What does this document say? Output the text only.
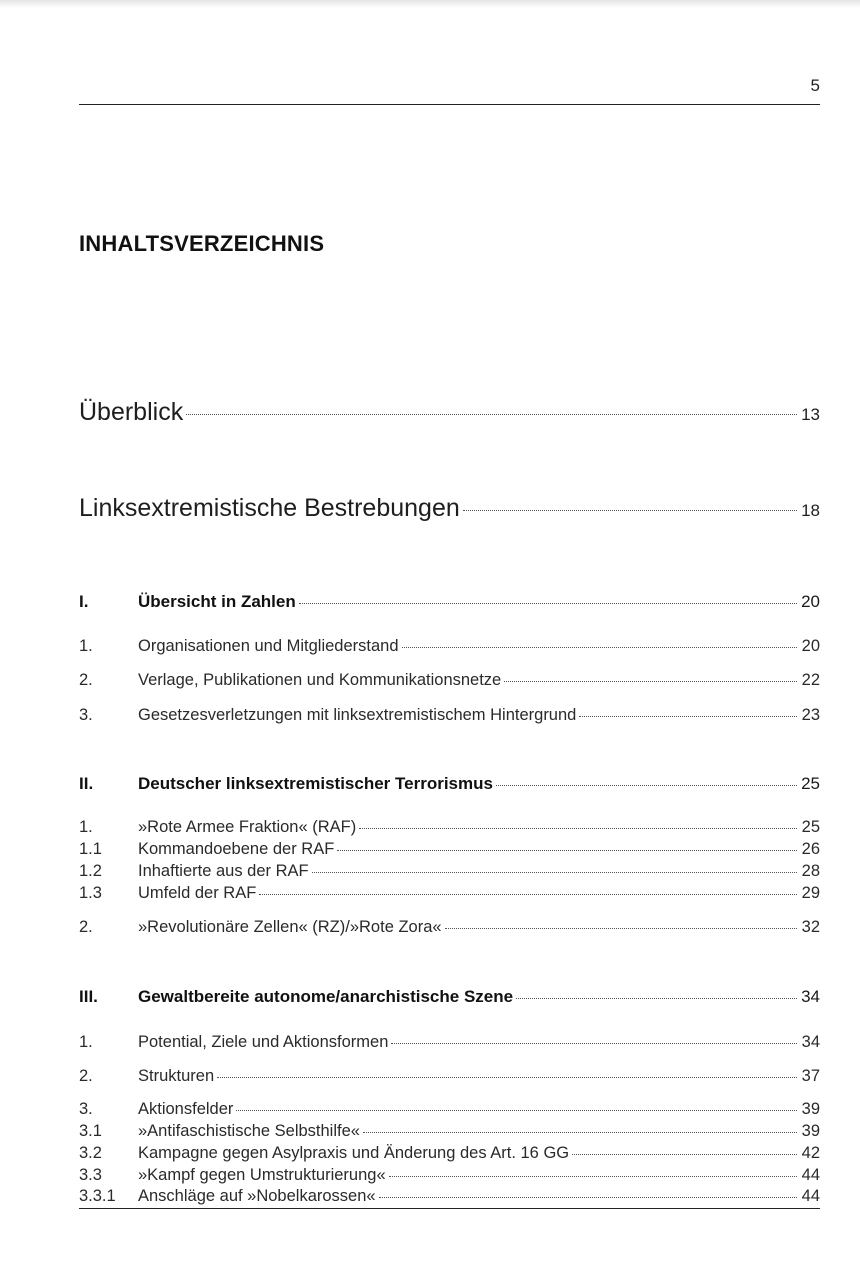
5
INHALTSVERZEICHNIS
Überblick	13
Linksextremistische Bestrebungen	18
I.	Übersicht in Zahlen	20
1.	Organisationen und Mitgliederstand	20
2.	Verlage, Publikationen und Kommunikationsnetze	22
3.	Gesetzesverletzungen mit linksextremistischem Hintergrund	23
II.	Deutscher linksextremistischer Terrorismus	25
1.	»Rote Armee Fraktion« (RAF)	25
1.1	Kommandoebene der RAF	26
1.2	Inhaftierte aus der RAF	28
1.3	Umfeld der RAF	29
2.	»Revolutionäre Zellen« (RZ)/»Rote Zora«	32
III.	Gewaltbereite autonome/anarchistische Szene	34
1.	Potential, Ziele und Aktionsformen	34
2.	Strukturen	37
3.	Aktionsfelder	39
3.1	»Antifaschistische Selbsthilfe«	39
3.2	Kampagne gegen Asylpraxis und Änderung des Art. 16 GG	42
3.3	»Kampf gegen Umstrukturierung«	44
3.3.1	Anschläge auf »Nobelkarossen«	44
